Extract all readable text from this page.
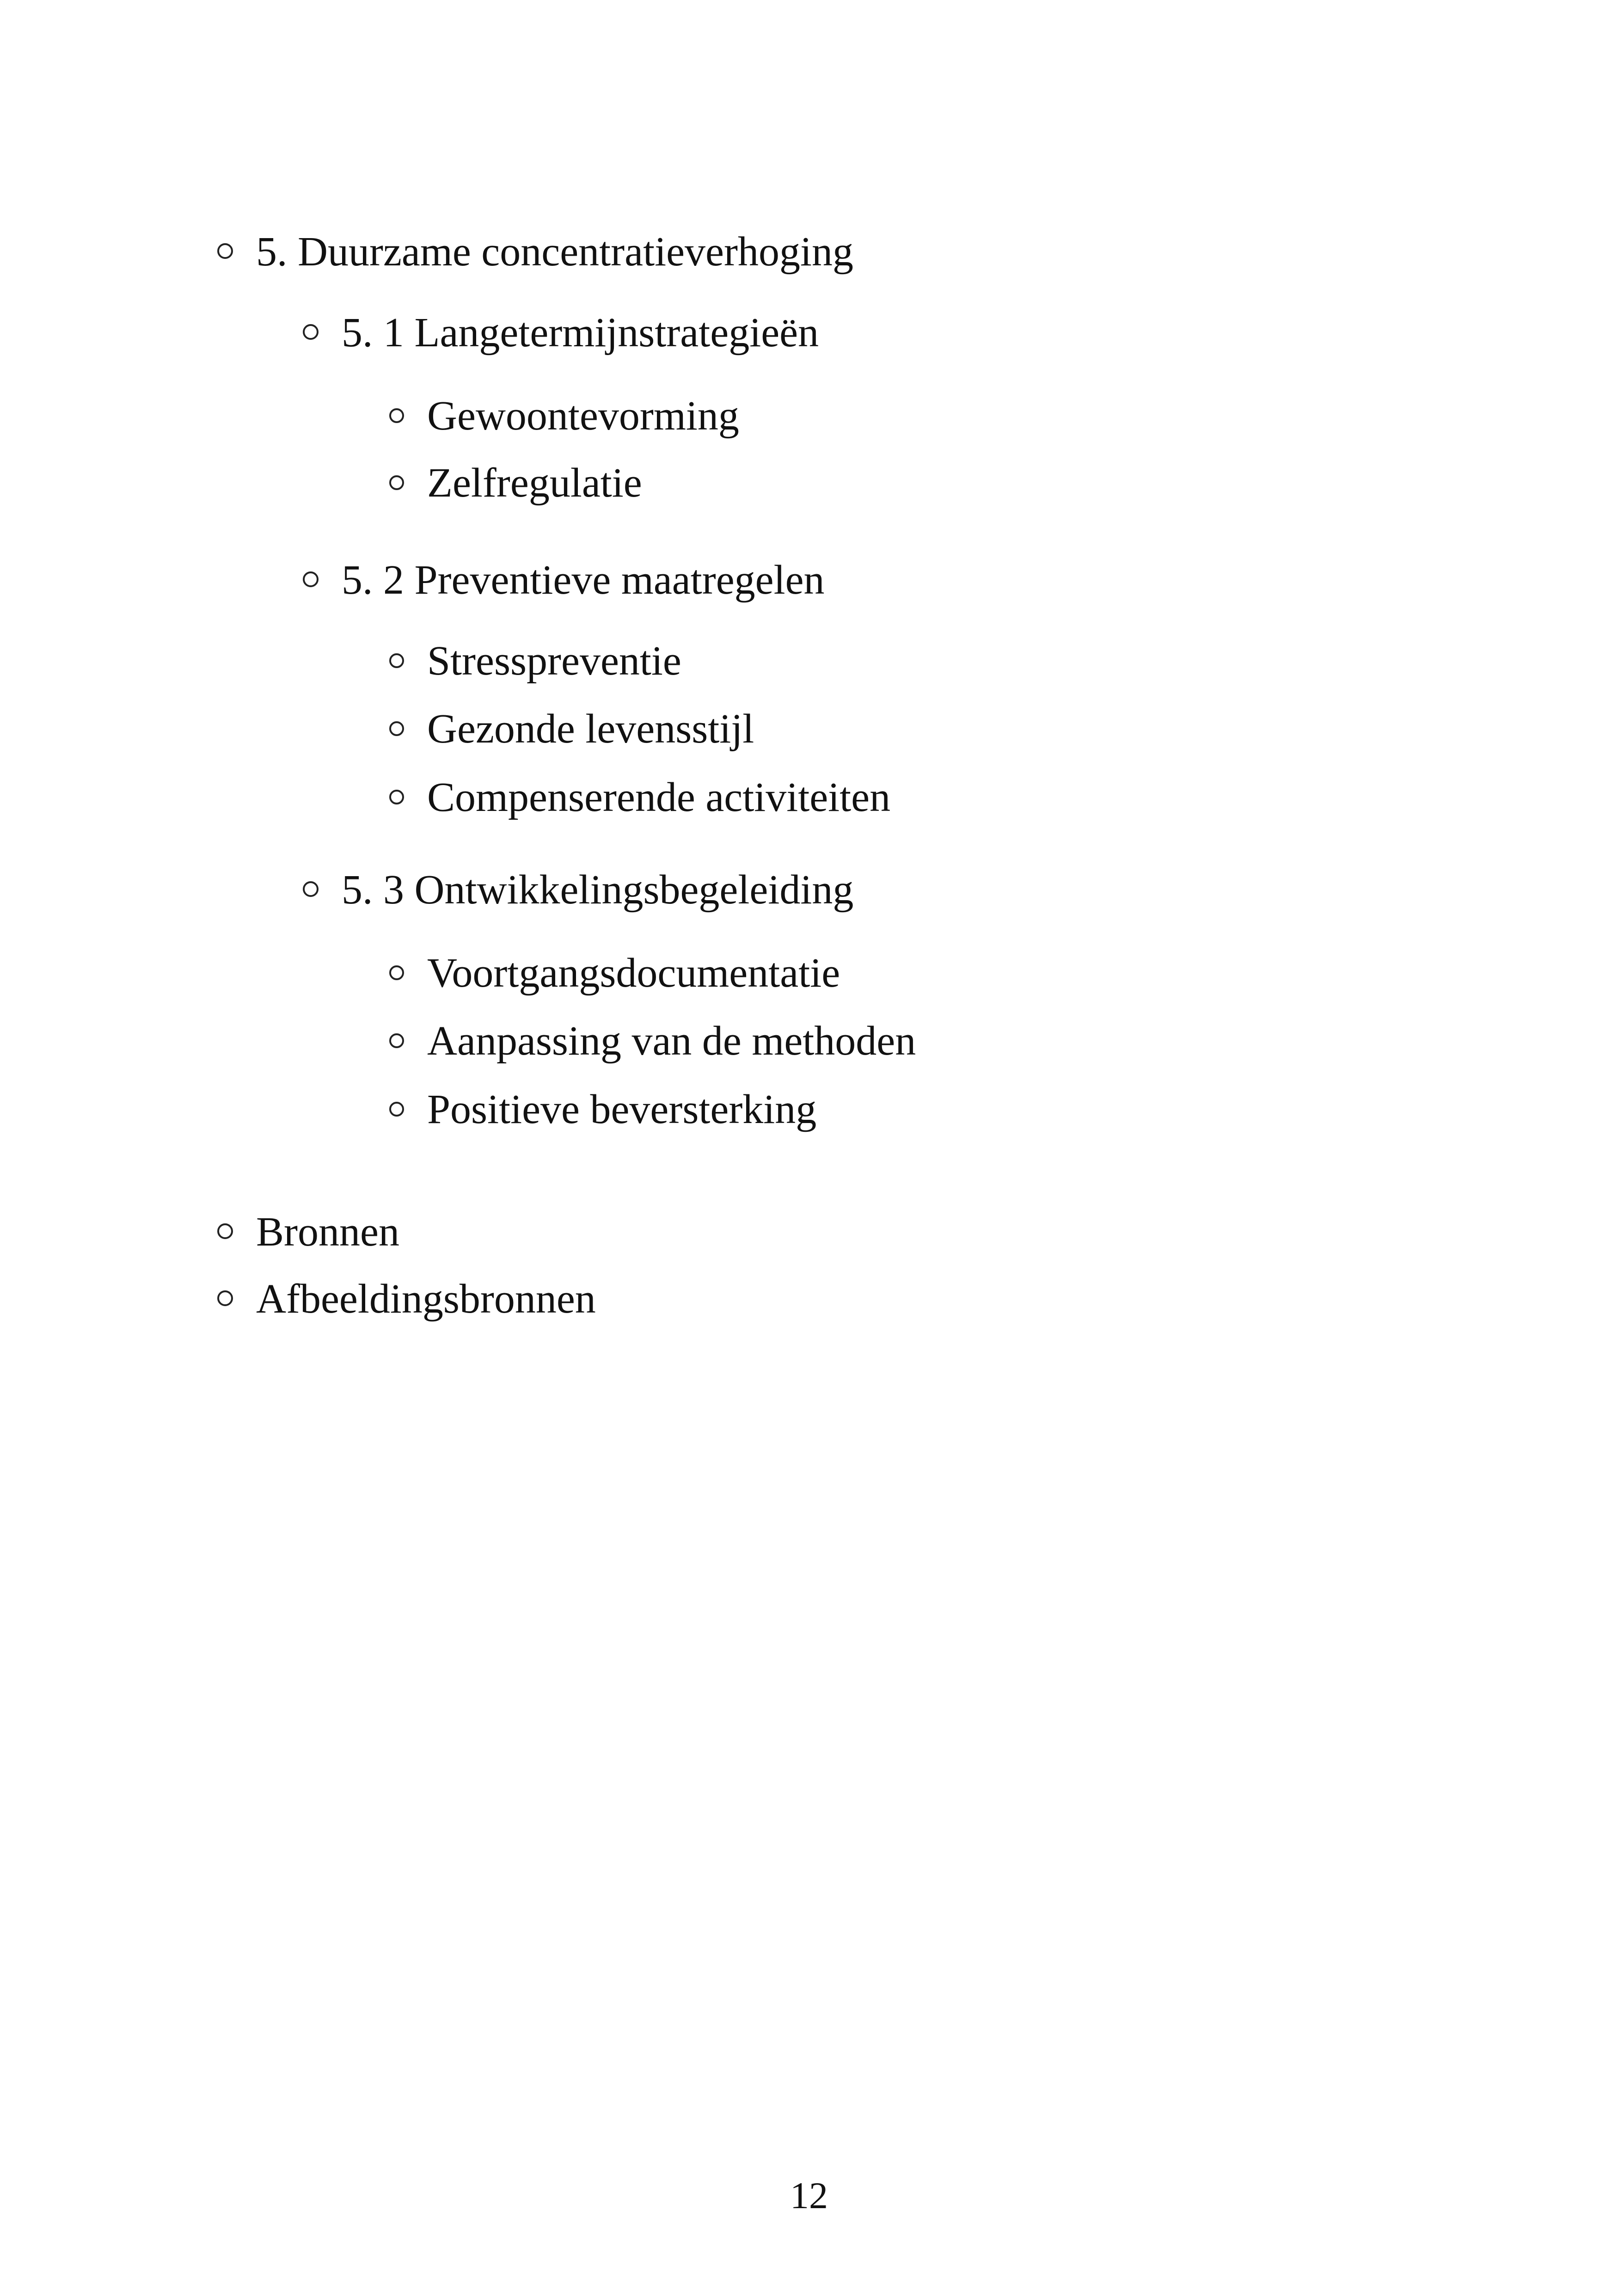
5. Duurzame concentratieverhoging
5. 1 Langetermijnstrategieën
Gewoontevorming
Zelfregulatie
5. 2 Preventieve maatregelen
Stresspreventie
Gezonde levensstijl
Compenserende activiteiten
5. 3 Ontwikkelingsbegeleiding
Voortgangsdocumentatie
Aanpassing van de methoden
Positieve beversterking
Bronnen
Afbeeldingsbronnen
12
